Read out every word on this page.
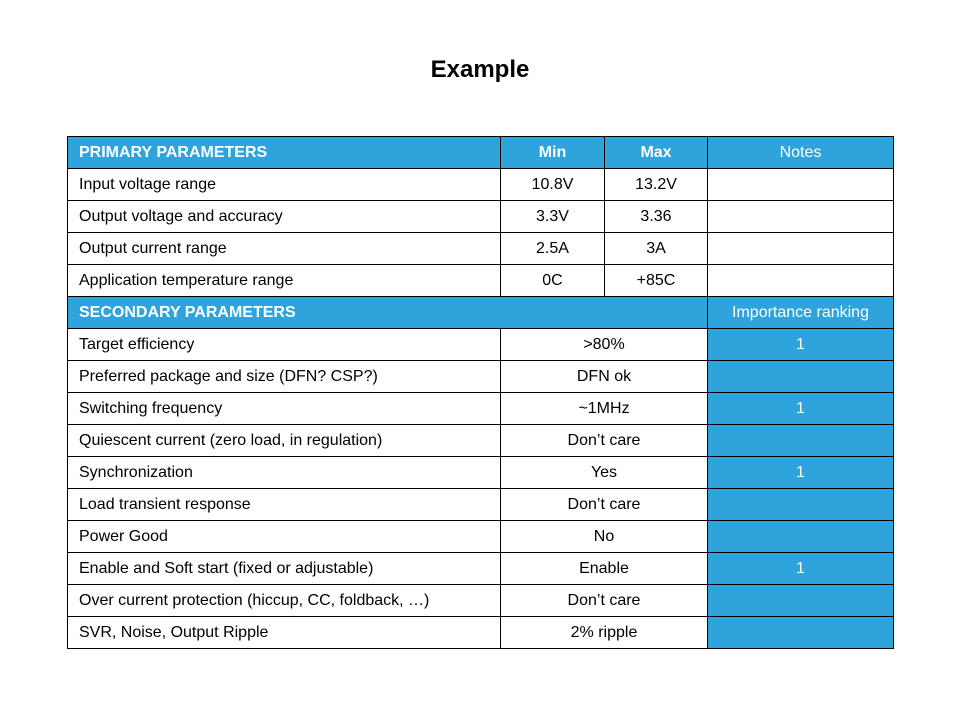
Example
PRIMARY PARAMETERS	Min	Max	Notes
Input voltage range	10.8V	13.2V	
Output voltage and accuracy	3.3V	3.36	
Output current range	2.5A	3A	
Application temperature range	0C	+85C	
SECONDARY PARAMETERS			Importance ranking
Target efficiency	>80%		1
Preferred package and size (DFN? CSP?)	DFN ok		
Switching frequency	~1MHz		1
Quiescent current (zero load, in regulation)	Don’t care		
Synchronization	Yes		1
Load transient response	Don’t care		
Power Good	No		
Enable and Soft start (fixed or adjustable)	Enable		1
Over current protection (hiccup, CC, foldback, …)	Don’t care		
SVR, Noise, Output Ripple	2% ripple		
